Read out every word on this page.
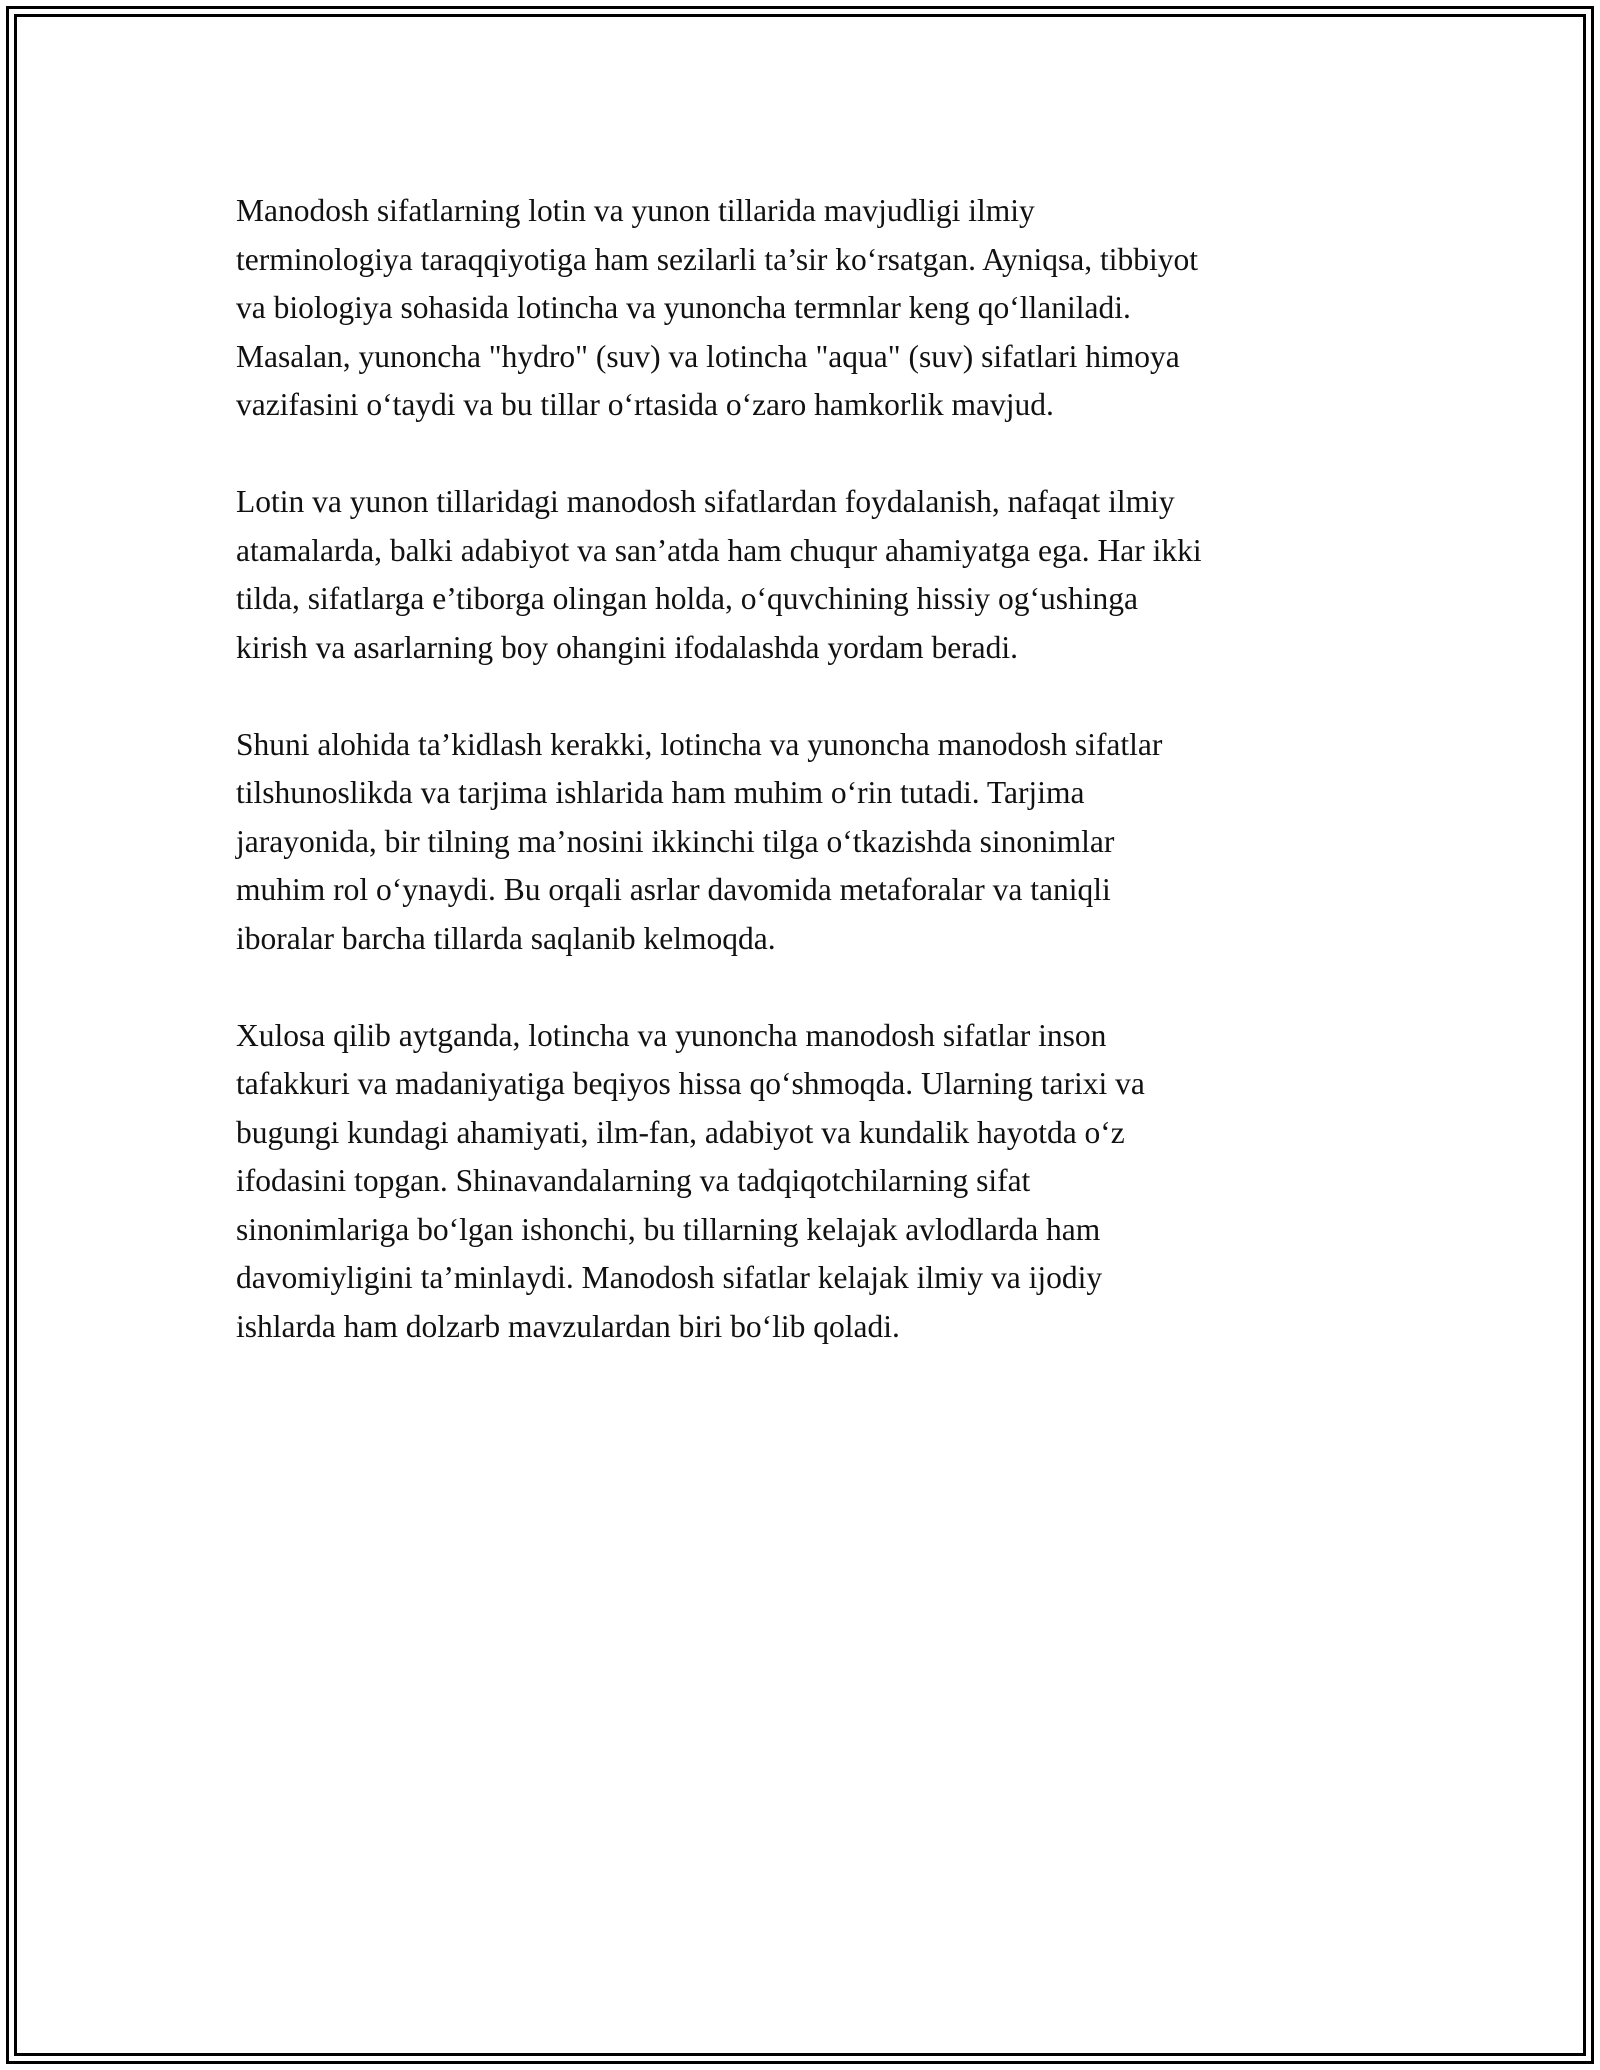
Manodosh sifatlarning lotin va yunon tillarida mavjudligi ilmiy
terminologiya taraqqiyotiga ham sezilarli ta’sir ko‘rsatgan. Ayniqsa, tibbiyot
va biologiya sohasida lotincha va yunoncha termnlar keng qo‘llaniladi.
Masalan, yunoncha "hydro" (suv) va lotincha "aqua" (suv) sifatlari himoya
vazifasini o‘taydi va bu tillar o‘rtasida o‘zaro hamkorlik mavjud.

Lotin va yunon tillaridagi manodosh sifatlardan foydalanish, nafaqat ilmiy
atamalarda, balki adabiyot va san’atda ham chuqur ahamiyatga ega. Har ikki
tilda, sifatlarga e’tiborga olingan holda, o‘quvchining hissiy og‘ushinga
kirish va asarlarning boy ohangini ifodalashda yordam beradi.

Shuni alohida ta’kidlash kerakki, lotincha va yunoncha manodosh sifatlar
tilshunoslikda va tarjima ishlarida ham muhim o‘rin tutadi. Tarjima
jarayonida, bir tilning ma’nosini ikkinchi tilga o‘tkazishda sinonimlar
muhim rol o‘ynaydi. Bu orqali asrlar davomida metaforalar va taniqli
iboralar barcha tillarda saqlanib kelmoqda.

Xulosa qilib aytganda, lotincha va yunoncha manodosh sifatlar inson
tafakkuri va madaniyatiga beqiyos hissa qo‘shmoqda. Ularning tarixi va
bugungi kundagi ahamiyati, ilm-fan, adabiyot va kundalik hayotda o‘z
ifodasini topgan. Shinavandalarning va tadqiqotchilarning sifat
sinonimlariga bo‘lgan ishonchi, bu tillarning kelajak avlodlarda ham
davomiyligini ta’minlaydi. Manodosh sifatlar kelajak ilmiy va ijodiy
ishlarda ham dolzarb mavzulardan biri bo‘lib qoladi.
